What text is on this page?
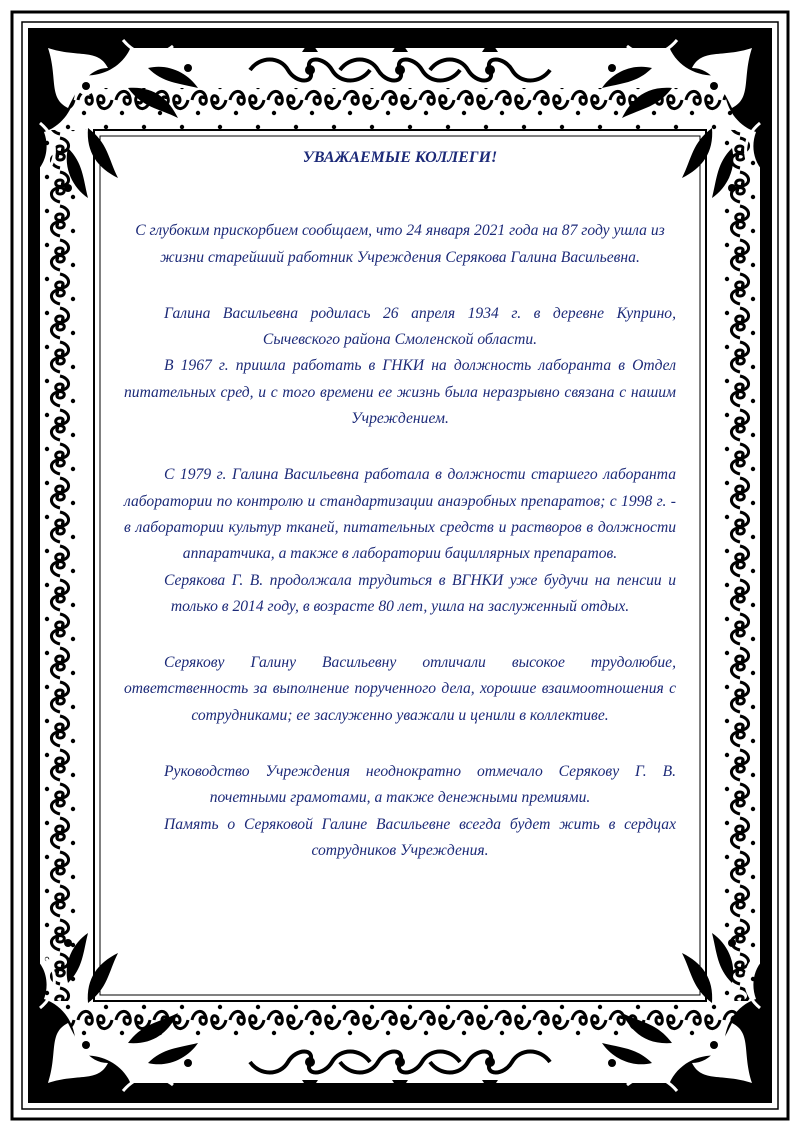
УВАЖАЕМЫЕ КОЛЛЕГИ!

С глубоким прискорбием сообщаем, что 24 января 2021 года на 87 году ушла из жизни старейший работник Учреждения Серякова Галина Васильевна.

Галина Васильевна родилась 26 апреля 1934 г. в деревне Куприно, Сычевского района Смоленской области.

В 1967 г. пришла работать в ГНКИ на должность лаборанта в Отдел питательных сред, и с того времени ее жизнь была неразрывно связана с нашим Учреждением.

С 1979 г. Галина Васильевна работала в должности старшего лаборанта лаборатории по контролю и стандартизации анаэробных препаратов; с 1998 г. - в лаборатории культур тканей, питательных средств и растворов в должности аппаратчика, а также в лаборатории бациллярных препаратов.

Серякова Г. В. продолжала трудиться в ВГНКИ уже будучи на пенсии и только в 2014 году, в возрасте 80 лет, ушла на заслуженный отдых.

Серякову Галину Васильевну отличали высокое трудолюбие, ответственность за выполнение порученного дела, хорошие взаимоотношения с сотрудниками; ее заслуженно уважали и ценили в коллективе.

Руководство Учреждения неоднократно отмечало Серякову Г. В. почетными грамотами, а также денежными премиями.

Память о Серяковой Галине Васильевне всегда будет жить в сердцах сотрудников Учреждения.
